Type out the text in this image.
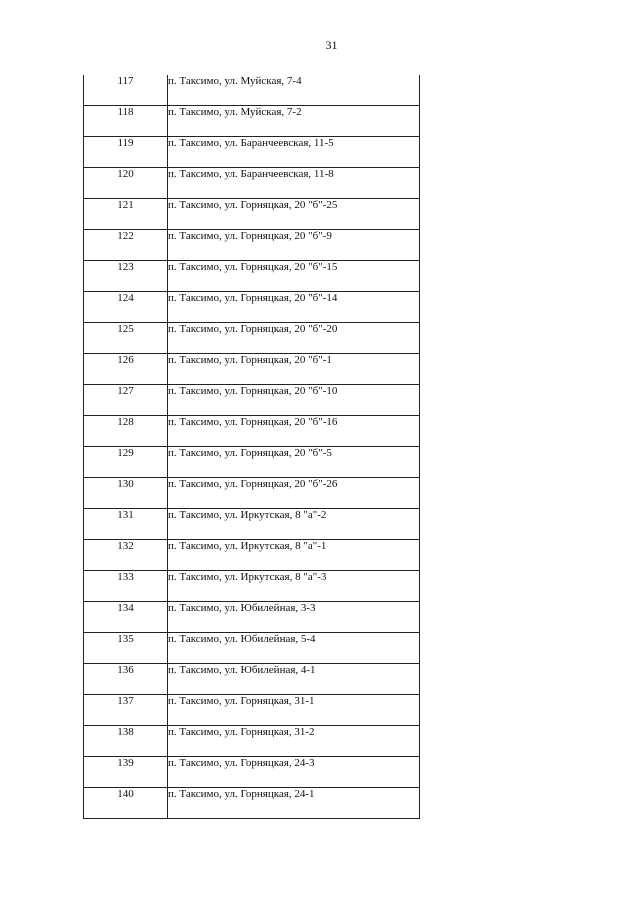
31
117	п. Таксимо, ул. Муйская, 7-4
118	п. Таксимо, ул. Муйская, 7-2
119	п. Таксимо, ул. Баранчеевская, 11-5
120	п. Таксимо, ул. Баранчеевская, 11-8
121	п. Таксимо, ул. Горняцкая, 20 "б"-25
122	п. Таксимо, ул. Горняцкая, 20 "б"-9
123	п. Таксимо, ул. Горняцкая, 20 "б"-15
124	п. Таксимо, ул. Горняцкая, 20 "б"-14
125	п. Таксимо, ул. Горняцкая, 20 "б"-20
126	п. Таксимо, ул. Горняцкая, 20 "б"-1
127	п. Таксимо, ул. Горняцкая, 20 "б"-10
128	п. Таксимо, ул. Горняцкая, 20 "б"-16
129	п. Таксимо, ул. Горняцкая, 20 "б"-5
130	п. Таксимо, ул. Горняцкая, 20 "б"-26
131	п. Таксимо, ул. Иркутская, 8 "а"-2
132	п. Таксимо, ул. Иркутская, 8 "а"-1
133	п. Таксимо, ул. Иркутская, 8 "а"-3
134	п. Таксимо, ул. Юбилейная, 3-3
135	п. Таксимо, ул. Юбилейная, 5-4
136	п. Таксимо, ул. Юбилейная, 4-1
137	п. Таксимо, ул. Горняцкая, 31-1
138	п. Таксимо, ул. Горняцкая, 31-2
139	п. Таксимо, ул. Горняцкая, 24-3
140	п. Таксимо, ул. Горняцкая, 24-1
